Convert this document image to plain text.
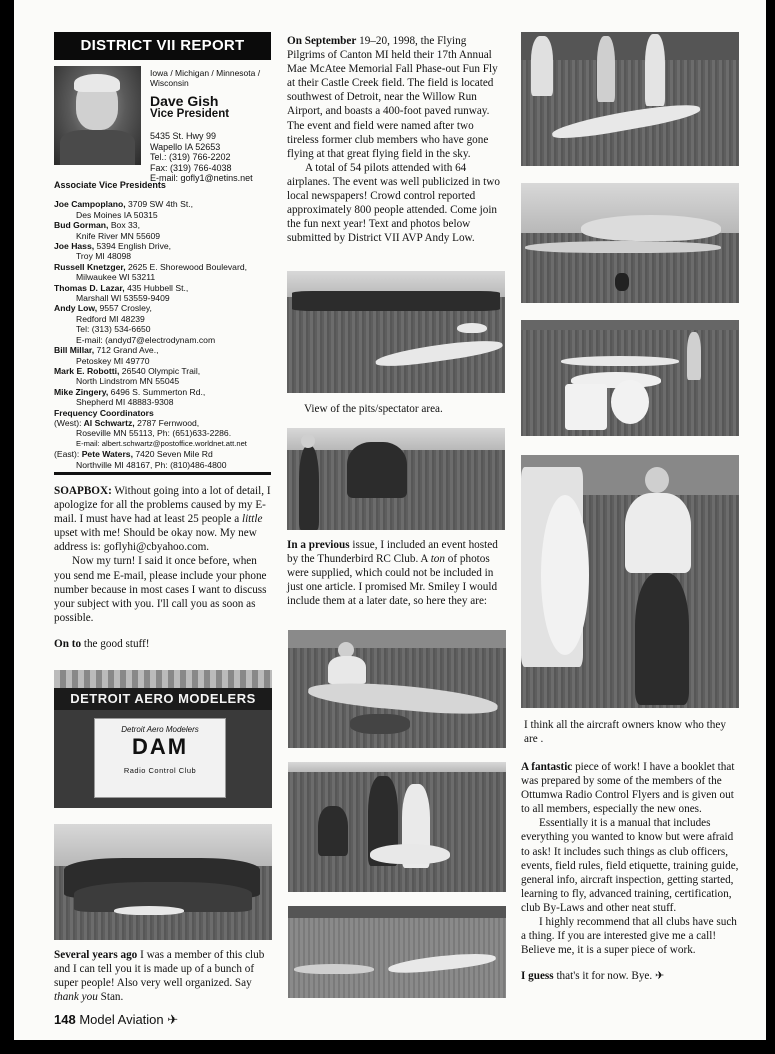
DISTRICT VII REPORT
Iowa / Michigan / Minnesota / Wisconsin
Dave Gish
Vice President
5435 St. Hwy 99
Wapello IA 52653
Tel.: (319) 766-2202
Fax: (319) 766-4038
E-mail: gofly1@netins.net
Associate Vice Presidents
Joe Campoplano, 3709 SW 4th St.,
Des Moines IA 50315
Bud Gorman, Box 33,
Knife River MN 55609
Joe Hass, 5394 English Drive,
Troy MI 48098
Russell Knetzger, 2625 E. Shorewood Boulevard,
Milwaukee WI 53211
Thomas D. Lazar, 435 Hubbell St.,
Marshall WI 53559-9409
Andy Low, 9557 Crosley,
Redford MI 48239
Tel: (313) 534-6650
E-mail: (andyd7@electrodynam.com
Bill Millar, 712 Grand Ave.,
Petoskey MI 49770
Mark E. Robotti, 26540 Olympic Trail,
North Lindstrom MN 55045
Mike Zingery, 6496 S. Summerton Rd.,
Shepherd MI 48883-9308
Frequency Coordinators
(West): Al Schwartz, 2787 Fernwood,
Roseville MN 55113, Ph: (651)633-2286.
E-mail: albert.schwartz@postoffice.worldnet.att.net
(East): Pete Waters, 7420 Seven Mile Rd
Northville MI 48167, Ph: (810)486-4800

SOAPBOX: Without going into a lot of detail, I apologize for all the problems caused by my E-mail. I must have had at least 25 people a little upset with me! Should be okay now. My new address is: goflyhi@cbyahoo.com.

Now my turn! I said it once before, when you send me E-mail, please include your phone number because in most cases I want to discuss your subject with you. I'll call you as soon as possible.

On to the good stuff!

DETROIT AERO MODELERS
Detroit Aero Modelers
DAM
Radio Control Club

Several years ago I was a member of this club and I can tell you it is made up of a bunch of super people! Also very well organized. Say thank you Stan.

148 Model Aviation ✈

On September 19–20, 1998, the Flying Pilgrims of Canton MI held their 17th Annual Mae McAtee Memorial Fall Phase-out Fun Fly at their Castle Creek field. The field is located southwest of Detroit, near the Willow Run Airport, and boasts a 400-foot paved runway. The event and field were named after two tireless former club members who have gone flying at that great flying field in the sky.

A total of 54 pilots attended with 64 airplanes. The event was well publicized in two local newspapers! Crowd control reported approximately 800 people attended. Come join the fun next year! Text and photos below submitted by District VII AVP Andy Low.

View of the pits/spectator area.

In a previous issue, I included an event hosted by the Thunderbird RC Club. A ton of photos were supplied, which could not be included in just one article. I promised Mr. Smiley I would include them at a later date, so here they are:

I think all the aircraft owners know who they are .

A fantastic piece of work! I have a booklet that was prepared by some of the members of the Ottumwa Radio Control Flyers and is given out to all members, especially the new ones.

Essentially it is a manual that includes everything you wanted to know but were afraid to ask! It includes such things as club officers, events, field rules, field etiquette, training guide, general info, aircraft inspection, getting started, learning to fly, advanced training, certification, club By-Laws and other neat stuff.

I highly recommend that all clubs have such a thing. If you are interested give me a call! Believe me, it is a super piece of work.

I guess that's it for now. Bye. ✈
